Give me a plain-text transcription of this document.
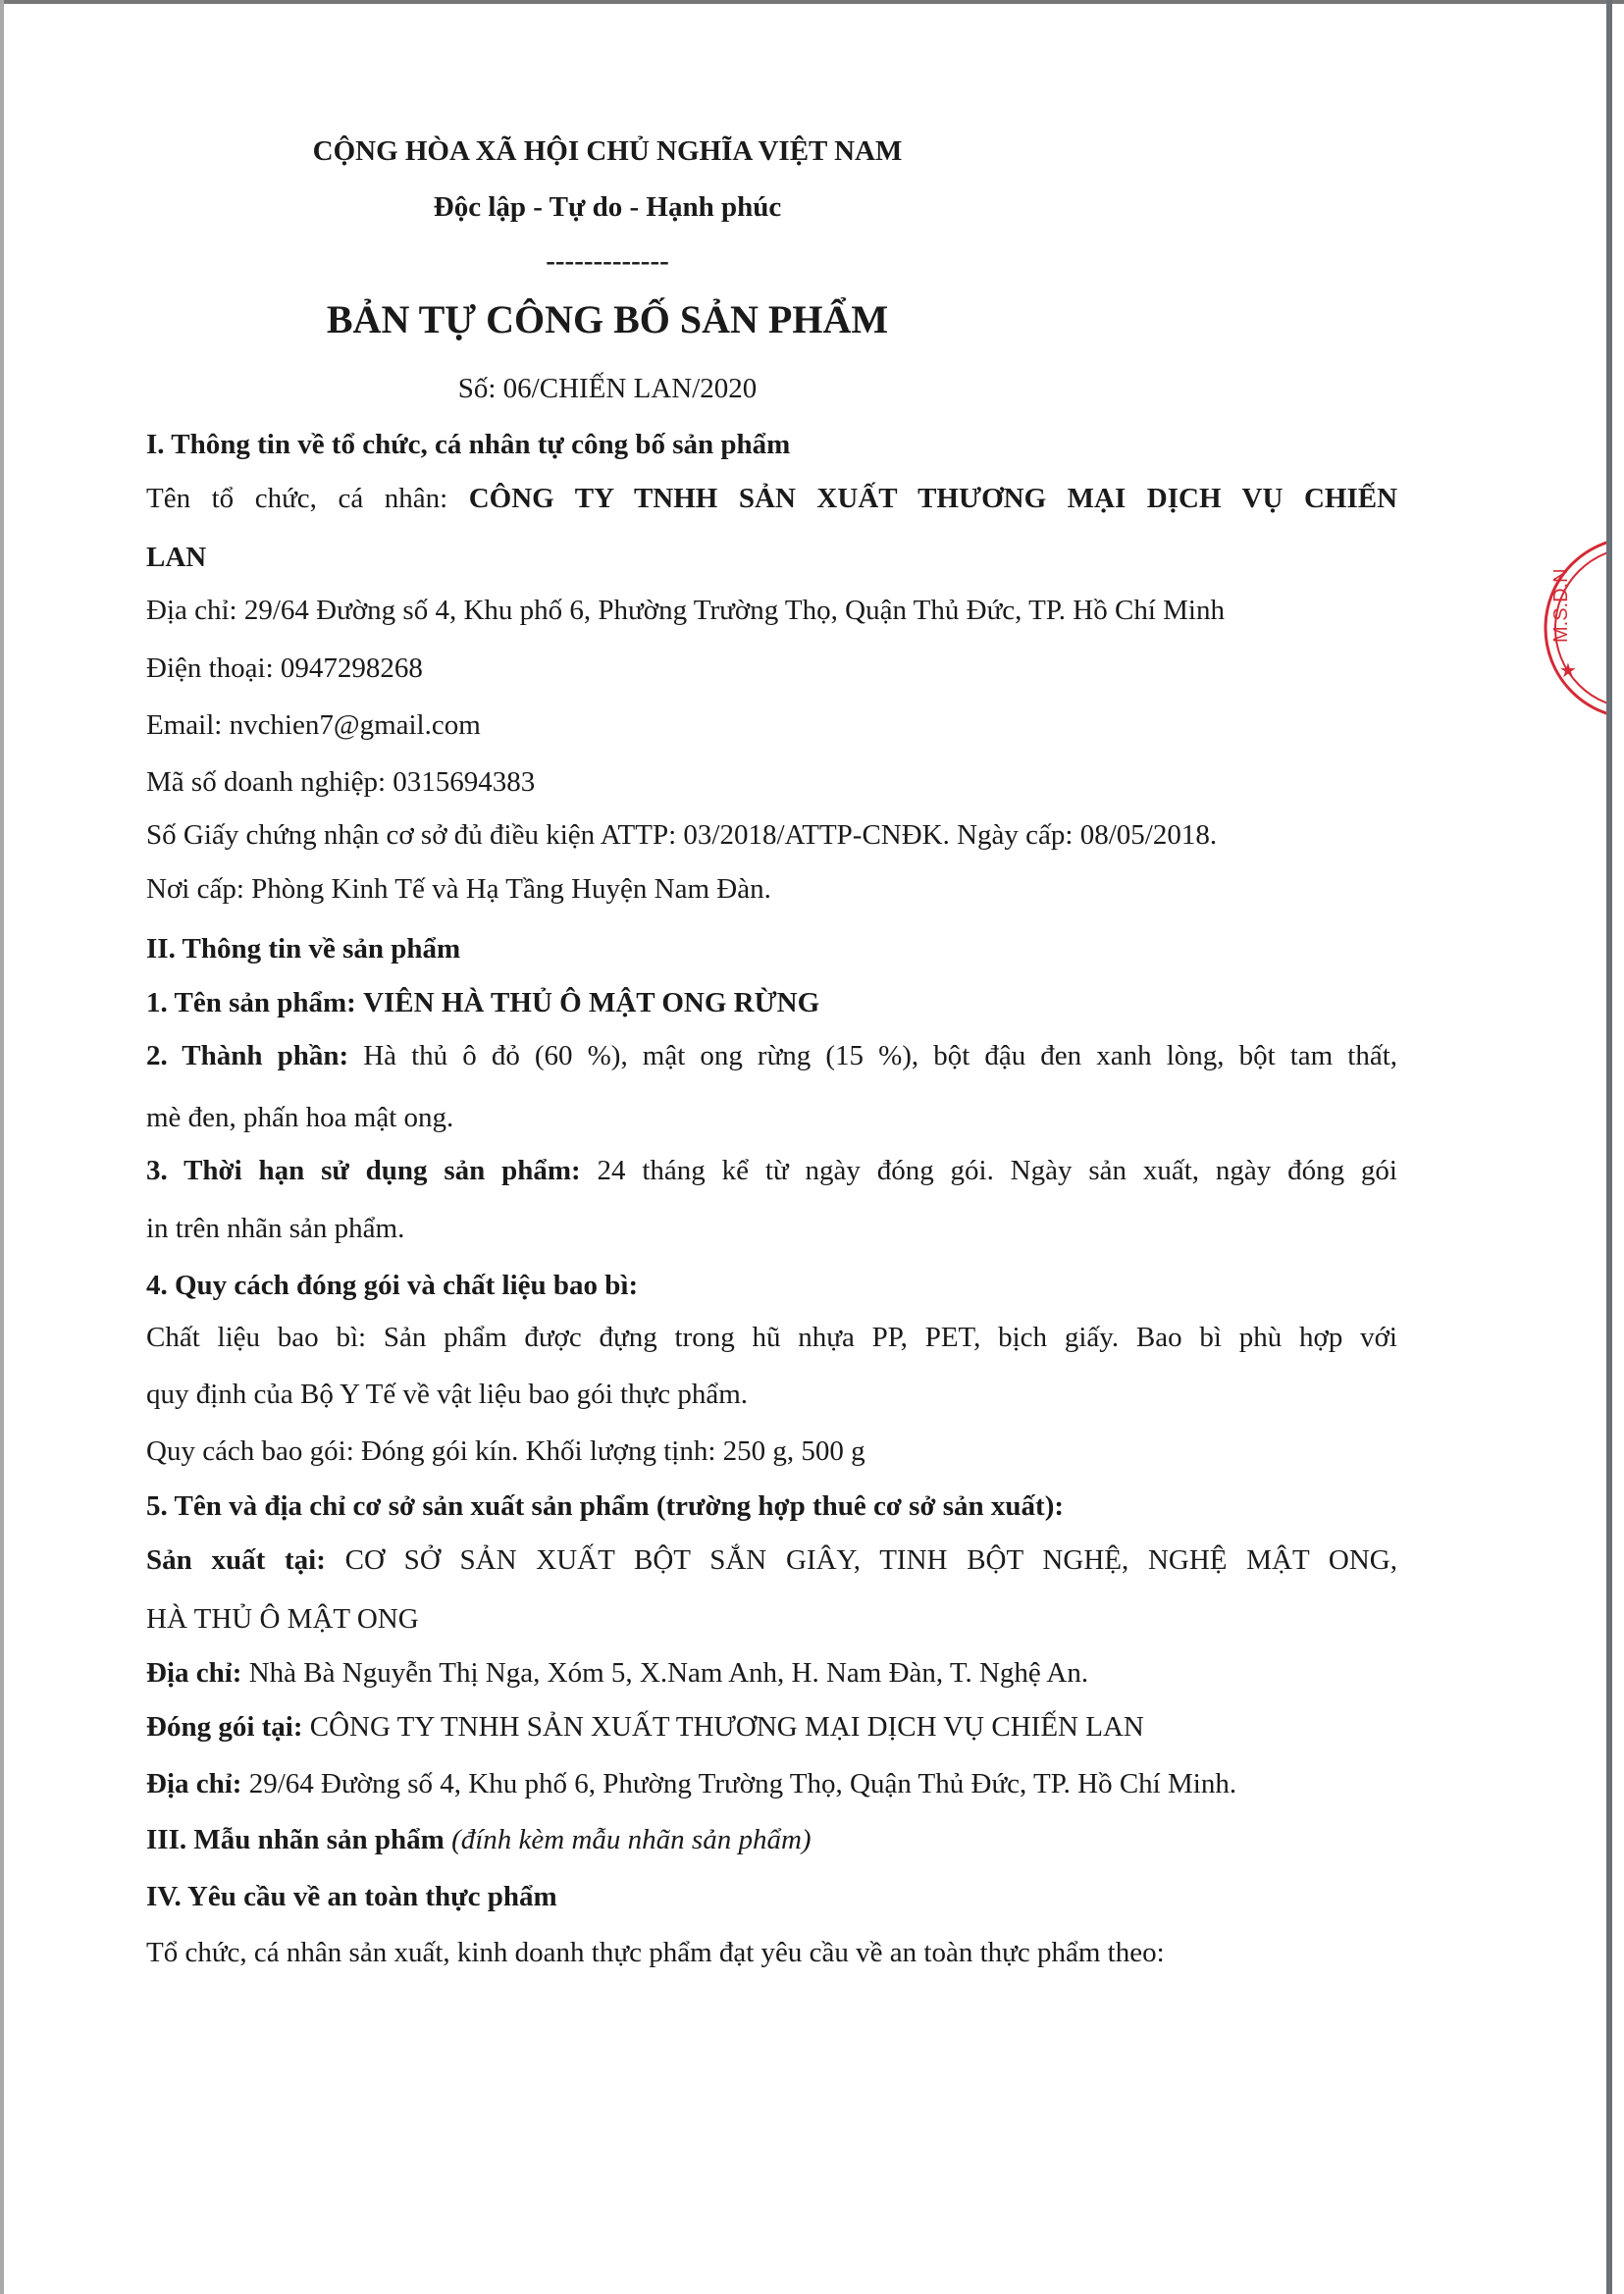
M.S.D.N
★
CỘNG HÒA XÃ HỘI CHỦ NGHĨA VIỆT NAM
Độc lập - Tự do - Hạnh phúc
-------------
BẢN TỰ CÔNG BỐ SẢN PHẨM
Số: 06/CHIẾN LAN/2020
I. Thông tin về tổ chức, cá nhân tự công bố sản phẩm
Tên tổ chức, cá nhân: CÔNG TY TNHH SẢN XUẤT THƯƠNG MẠI DỊCH VỤ CHIẾN
LAN
Địa chỉ: 29/64 Đường số 4, Khu phố 6, Phường Trường Thọ, Quận Thủ Đức, TP. Hồ Chí Minh
Điện thoại: 0947298268
Email: nvchien7@gmail.com
Mã số doanh nghiệp: 0315694383
Số Giấy chứng nhận cơ sở đủ điều kiện ATTP: 03/2018/ATTP-CNĐK. Ngày cấp: 08/05/2018.
Nơi cấp: Phòng Kinh Tế và Hạ Tầng Huyện Nam Đàn.
II. Thông tin về sản phẩm
1. Tên sản phẩm: VIÊN HÀ THỦ Ô MẬT ONG RỪNG
2. Thành phần: Hà thủ ô đỏ (60 %), mật ong rừng (15 %), bột đậu đen xanh lòng, bột tam thất,
mè đen, phấn hoa mật ong.
3. Thời hạn sử dụng sản phẩm: 24 tháng kể từ ngày đóng gói. Ngày sản xuất, ngày đóng gói
in trên nhãn sản phẩm.
4. Quy cách đóng gói và chất liệu bao bì:
Chất liệu bao bì: Sản phẩm được đựng trong hũ nhựa PP, PET, bịch giấy. Bao bì phù hợp với
quy định của Bộ Y Tế về vật liệu bao gói thực phẩm.
Quy cách bao gói: Đóng gói kín. Khối lượng tịnh: 250 g, 500 g
5. Tên và địa chỉ cơ sở sản xuất sản phẩm (trường hợp thuê cơ sở sản xuất):
Sản xuất tại: CƠ SỞ SẢN XUẤT BỘT SẮN GIÂY, TINH BỘT NGHỆ, NGHỆ MẬT ONG,
HÀ THỦ Ô MẬT ONG
Địa chỉ: Nhà Bà Nguyễn Thị Nga, Xóm 5, X.Nam Anh, H. Nam Đàn, T. Nghệ An.
Đóng gói tại: CÔNG TY TNHH SẢN XUẤT THƯƠNG MẠI DỊCH VỤ CHIẾN LAN
Địa chỉ: 29/64 Đường số 4, Khu phố 6, Phường Trường Thọ, Quận Thủ Đức, TP. Hồ Chí Minh.
III. Mẫu nhãn sản phẩm (đính kèm mẫu nhãn sản phẩm)
IV. Yêu cầu về an toàn thực phẩm
Tổ chức, cá nhân sản xuất, kinh doanh thực phẩm đạt yêu cầu về an toàn thực phẩm theo:
